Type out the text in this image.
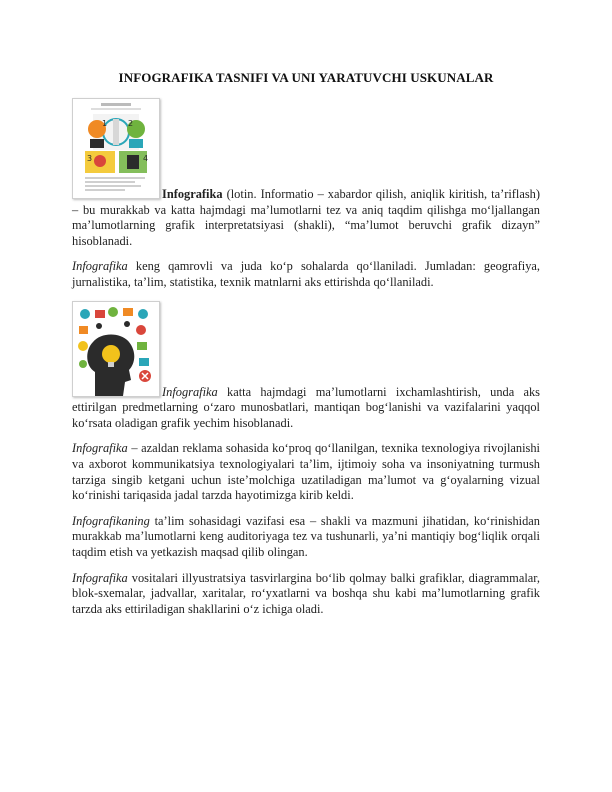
INFOGRAFIKA TASNIFI VA UNI YARATUVCHI USKUNALAR
1	2
3	4

Infografika (lotin. Informatio – xabardor qilish, aniqlik kiritish, ta’riflash) – bu murakkab va katta hajmdagi ma’lumotlarni tez va aniq taqdim qilishga mo‘ljallangan ma’lumotlarning grafik interpretatsiyasi (shakli), “ma’lumot beruvchi grafik dizayn” hisoblanadi.

Infografika keng qamrovli va juda ko‘p sohalarda qo‘llaniladi. Jumladan: geografiya, jurnalistika, ta’lim, statistika, texnik matnlarni aks ettirishda qo‘llaniladi.

Infografika katta hajmdagi ma’lumotlarni ixchamlashtirish, unda aks ettirilgan predmetlarning o‘zaro munosbatlari, mantiqan bog‘lanishi va vazifalarini yaqqol ko‘rsata oladigan grafik yechim hisoblanadi.

Infografika – azaldan reklama sohasida ko‘proq qo‘llanilgan, texnika texnologiya rivojlanishi va axborot kommunikatsiya texnologiyalari ta’lim, ijtimoiy soha va insoniyatning turmush tarziga singib ketgani uchun iste’molchiga uzatiladigan ma’lumot va g‘oyalarning vizual ko‘rinishi tariqasida jadal tarzda hayotimizga kirib keldi.

Infografikaning ta’lim sohasidagi vazifasi esa – shakli va mazmuni jihatidan, ko‘rinishidan murakkab ma’lumotlarni keng auditoriyaga tez va tushunarli, ya’ni mantiqiy bog‘liqlik orqali taqdim etish va yetkazish maqsad qilib olingan.

Infografika vositalari illyustratsiya tasvirlargina bo‘lib qolmay balki grafiklar, diagrammalar, blok-sxemalar, jadvallar, xaritalar, ro‘yxatlarni va boshqa shu kabi ma’lumotlarning grafik tarzda aks ettiriladigan shakllarini o‘z ichiga oladi.
